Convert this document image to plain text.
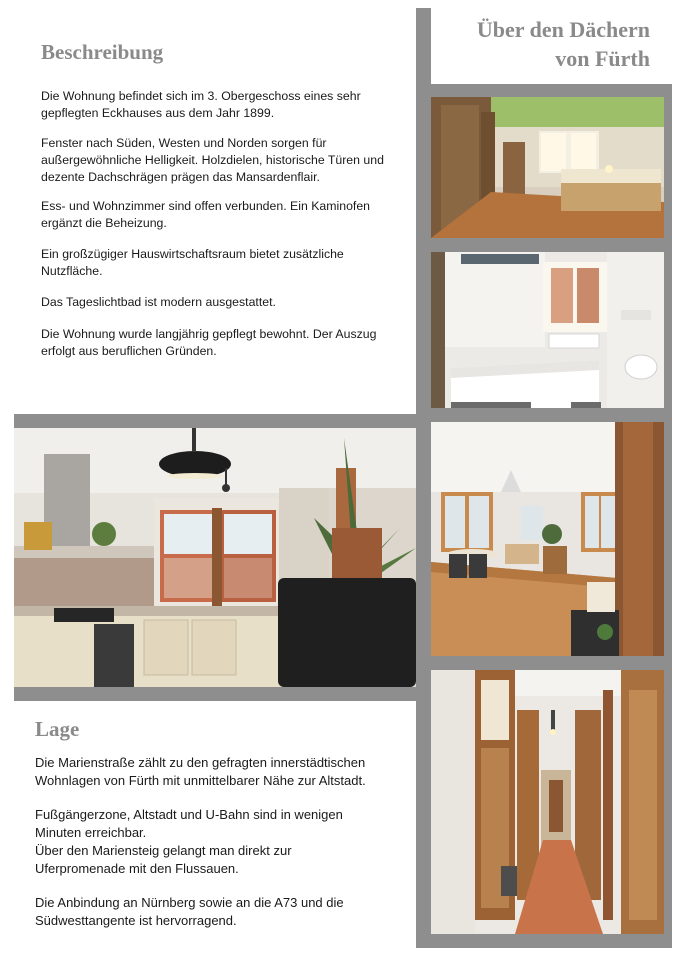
Über den Dächern

von Fürth

Beschreibung

Die Wohnung befindet sich im 3. Obergeschoss eines sehr gepflegten Eckhauses aus dem Jahr 1899.

Fenster nach Süden, Westen und Norden sorgen für außergewöhnliche Helligkeit. Holzdielen, historische Türen und dezente Dachschrägen prägen das Mansardenflair.

Ess- und Wohnzimmer sind offen verbunden. Ein Kaminofen ergänzt die Beheizung.

Ein großzügiger Hauswirtschaftsraum bietet zusätzliche Nutzfläche.

Das Tageslichtbad ist modern ausgestattet.

Die Wohnung wurde langjährig gepflegt bewohnt. Der Auszug erfolgt aus beruflichen Gründen.

Lage

Die Marienstraße zählt zu den gefragten innerstädtischen Wohnlagen von Fürth mit unmittelbarer Nähe zur Altstadt.

Fußgängerzone, Altstadt und U-Bahn sind in wenigen Minuten erreichbar.

Über den Mariensteig gelangt man direkt zur Uferpromenade mit den Flussauen.

Die Anbindung an Nürnberg sowie an die A73 und die Südwesttangente ist hervorragend.
